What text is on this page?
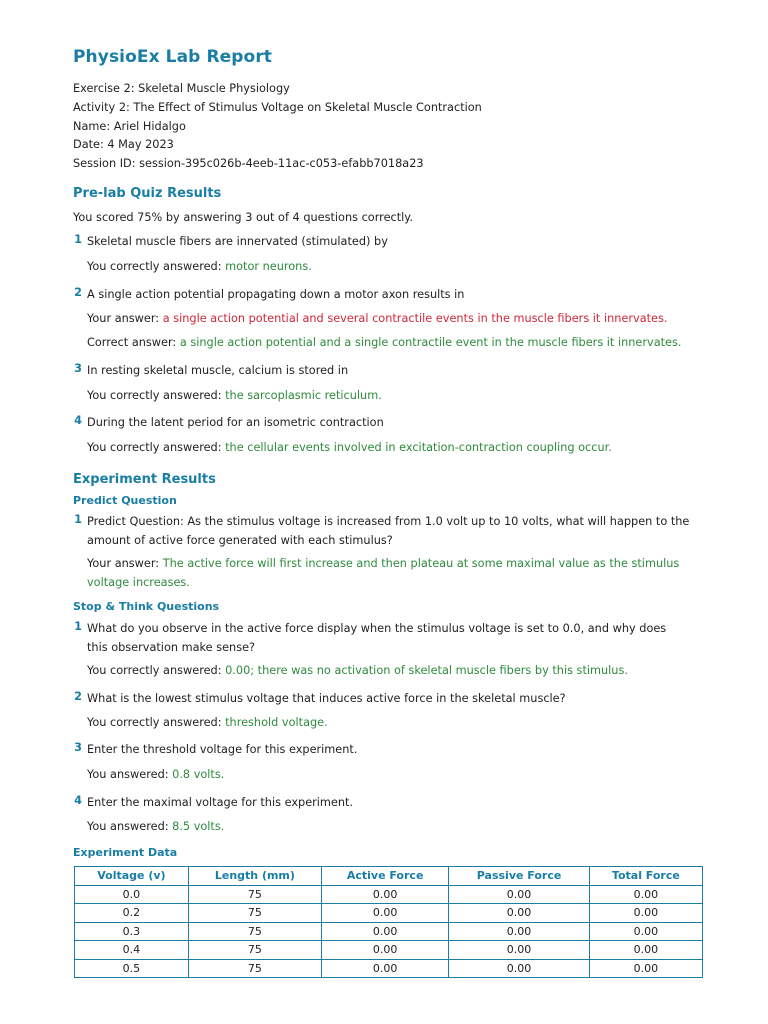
PhysioEx Lab Report
Exercise 2: Skeletal Muscle Physiology
Activity 2: The Effect of Stimulus Voltage on Skeletal Muscle Contraction
Name: Ariel Hidalgo
Date: 4 May 2023
Session ID: session-395c026b-4eeb-11ac-c053-efabb7018a23
Pre-lab Quiz Results
You scored 75% by answering 3 out of 4 questions correctly.
1 Skeletal muscle fibers are innervated (stimulated) by
You correctly answered: motor neurons.
2 A single action potential propagating down a motor axon results in
Your answer: a single action potential and several contractile events in the muscle fibers it innervates.
Correct answer: a single action potential and a single contractile event in the muscle fibers it innervates.
3 In resting skeletal muscle, calcium is stored in
You correctly answered: the sarcoplasmic reticulum.
4 During the latent period for an isometric contraction
You correctly answered: the cellular events involved in excitation-contraction coupling occur.
Experiment Results
Predict Question
1 Predict Question: As the stimulus voltage is increased from 1.0 volt up to 10 volts, what will happen to the amount of active force generated with each stimulus?
Your answer: The active force will first increase and then plateau at some maximal value as the stimulus voltage increases.
Stop & Think Questions
1 What do you observe in the active force display when the stimulus voltage is set to 0.0, and why does this observation make sense?
You correctly answered: 0.00; there was no activation of skeletal muscle fibers by this stimulus.
2 What is the lowest stimulus voltage that induces active force in the skeletal muscle?
You correctly answered: threshold voltage.
3 Enter the threshold voltage for this experiment.
You answered: 0.8 volts.
4 Enter the maximal voltage for this experiment.
You answered: 8.5 volts.
Experiment Data
Voltage (v)	Length (mm)	Active Force	Passive Force	Total Force
0.0	75	0.00	0.00	0.00
0.2	75	0.00	0.00	0.00
0.3	75	0.00	0.00	0.00
0.4	75	0.00	0.00	0.00
0.5	75	0.00	0.00	0.00
